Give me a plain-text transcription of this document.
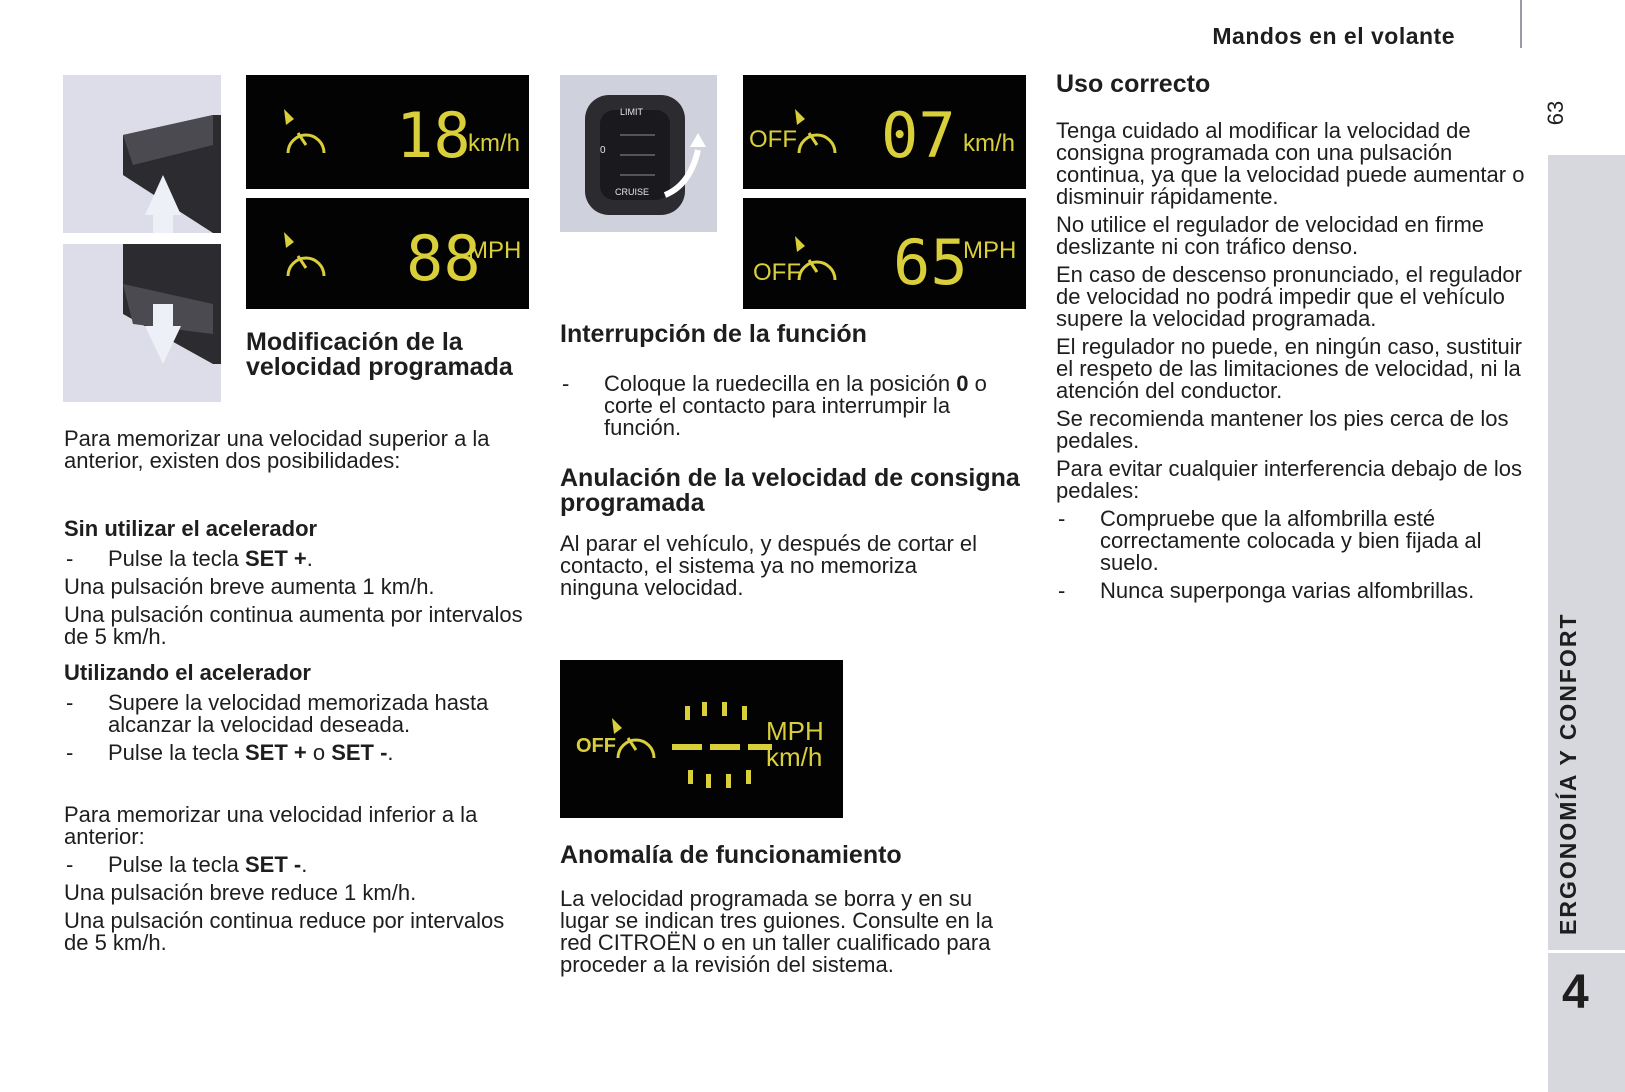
Mandos en el volante
63
ERGONOMÍA Y CONFORT
4
18
km/h
88
MPH
Modificación de la velocidad programada

Para memorizar una velocidad superior a la anterior, existen dos posibilidades:

Sin utilizar el acelerador
-	Pulse la tecla SET +.

Una pulsación breve aumenta 1 km/h.

Una pulsación continua aumenta por intervalos de 5 km/h.

Utilizando el acelerador
-	Supere la velocidad memorizada hasta alcanzar la velocidad deseada.
-	Pulse la tecla SET + o SET -.

Para memorizar una velocidad inferior a la anterior:

-	Pulse la tecla SET -.

Una pulsación breve reduce 1 km/h.

Una pulsación continua reduce por intervalos de 5 km/h.

LIMIT
0
CRUISE
OFF 07 km/h
OFF 65
MPH
Interrupción de la función
-	Coloque la ruedecilla en la posición 0 o corte el contacto para interrumpir la función.
Anulación de la velocidad de consigna programada

Al parar el vehículo, y después de cortar el contacto, el sistema ya no memoriza ninguna velocidad.

OFF	MPH
km/h
Anomalía de funcionamiento

La velocidad programada se borra y en su lugar se indican tres guiones. Consulte en la red CITROËN o en un taller cualificado para proceder a la revisión del sistema.

Uso correcto

Tenga cuidado al modificar la velocidad de consigna programada con una pulsación continua, ya que la velocidad puede aumentar o disminuir rápidamente.

No utilice el regulador de velocidad en firme deslizante ni con tráfico denso.

En caso de descenso pronunciado, el regulador de velocidad no podrá impedir que el vehículo supere la velocidad programada.

El regulador no puede, en ningún caso, sustituir el respeto de las limitaciones de velocidad, ni la atención del conductor.

Se recomienda mantener los pies cerca de los pedales.

Para evitar cualquier interferencia debajo de los pedales:

-	Compruebe que la alfombrilla esté correctamente colocada y bien fijada al suelo.
-	Nunca superponga varias alfombrillas.
